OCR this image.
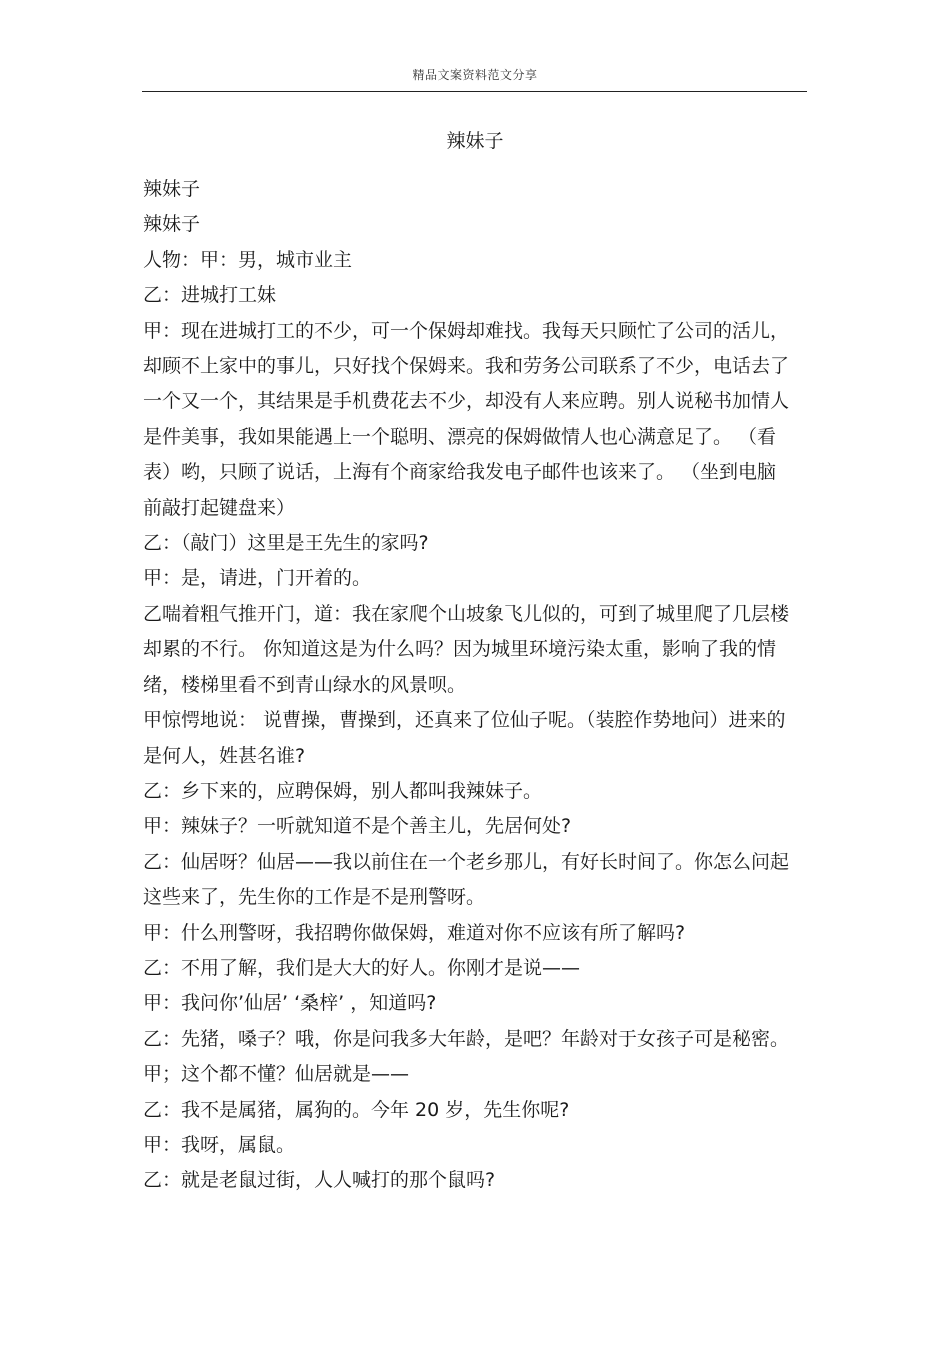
精品文案资料范文分享
辣妹子

辣妹子

辣妹子

人物：甲：男，城市业主

乙：进城打工妹

甲：现在进城打工的不少，可一个保姆却难找。我每天只顾忙了公司的活儿，却顾不上家中的事儿，只好找个保姆来。我和劳务公司联系了不少，电话去了一个又一个，其结果是手机费花去不少，却没有人来应聘。别人说秘书加情人是件美事，我如果能遇上一个聪明、漂亮的保姆做情人也心满意足了。 （看表）哟，只顾了说话，上海有个商家给我发电子邮件也该来了。 （坐到电脑前敲打起键盘来）

乙：（敲门）这里是王先生的家吗?

甲：是，请进，门开着的。

乙喘着粗气推开门，道：我在家爬个山坡象飞儿似的，可到了城里爬了几层楼却累的不行。 你知道这是为什么吗？因为城里环境污染太重，影响了我的情绪，楼梯里看不到青山绿水的风景呗。

甲惊愕地说： 说曹操，曹操到，还真来了位仙子呢。（装腔作势地问）进来的是何人，姓甚名谁?

乙：乡下来的，应聘保姆，别人都叫我辣妹子。

甲：辣妹子？一听就知道不是个善主儿，先居何处?

乙：仙居呀？仙居——我以前住在一个老乡那儿，有好长时间了。你怎么问起这些来了，先生你的工作是不是刑警呀。

甲：什么刑警呀，我招聘你做保姆，难道对你不应该有所了解吗?

乙：不用了解，我们是大大的好人。你刚才是说——

甲：我问你’仙居’ ‘桑梓’ ，知道吗?

乙：先猪，嗓子？哦，你是问我多大年龄，是吧？年龄对于女孩子可是秘密。

甲；这个都不懂？仙居就是——

乙：我不是属猪，属狗的。今年 20 岁，先生你呢?

甲：我呀，属鼠。

乙：就是老鼠过街，人人喊打的那个鼠吗?
